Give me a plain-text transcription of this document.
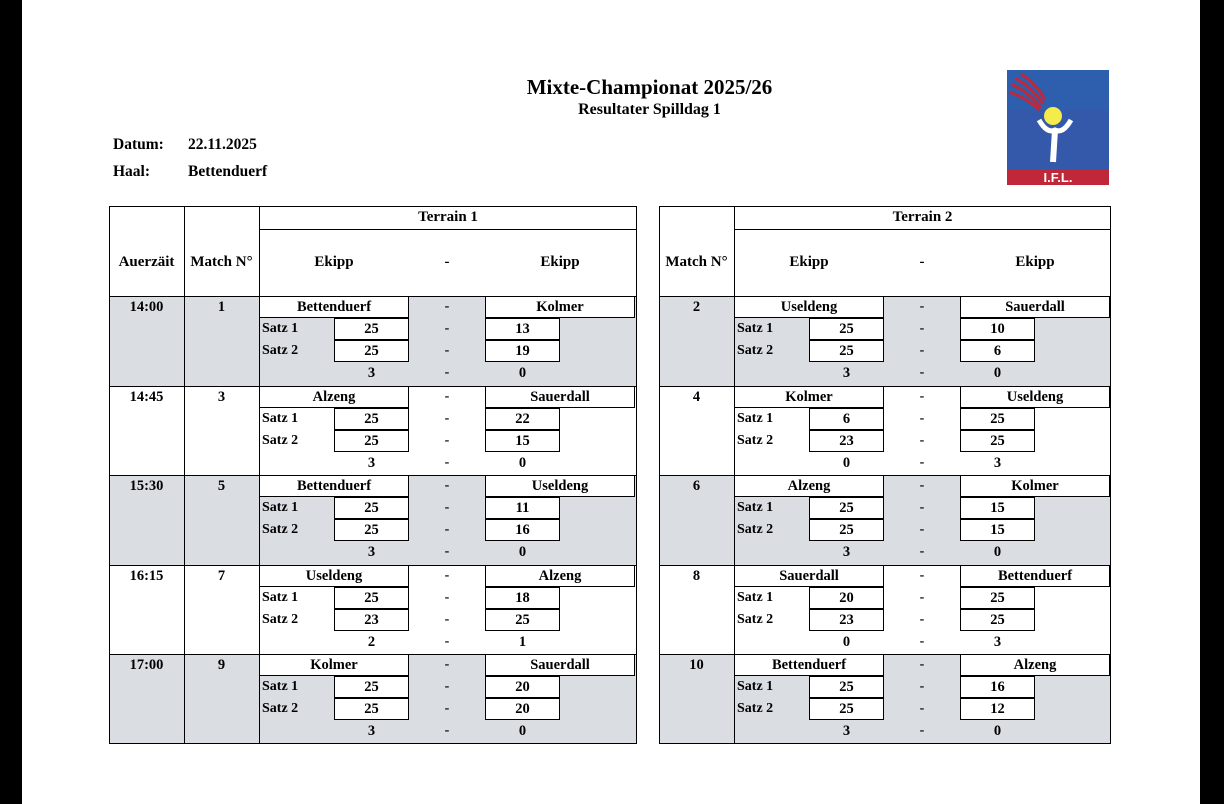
Mixte-Championat 2025/26
Resultater Spilldag 1
Datum: 22.11.2025
Haal: Bettenduerf	I.F.L.
14:00	1	Bettenduerf	-	Kolmer
Satz 1	25	-	13
Satz 2	25	-	19
3	-	0
14:45	3	Alzeng	-	Sauerdall
Satz 1	25	-	22
Satz 2	25	-	15
3	-	0
15:30	5	Bettenduerf	-	Useldeng
Satz 1	25	-	11
Satz 2	25	-	16
3	-	0
16:15	7	Useldeng	-	Alzeng
Satz 1	25	-	18
Satz 2	23	-	25
2	-	1
17:00	9	Kolmer	-	Sauerdall
Satz 1	25	-	20
Satz 2	25	-	20
3	-	0
Terrain 1
Auerzäit	Match N°	Ekipp	-	Ekipp
2	Useldeng	-	Sauerdall
Satz 1	25	-	10
Satz 2	25	-	6
3	-	0
4	Kolmer	-	Useldeng
Satz 1	6	-	25
Satz 2	23	-	25
0	-	3
6	Alzeng	-	Kolmer
Satz 1	25	-	15
Satz 2	25	-	15
3	-	0
8	Sauerdall	-	Bettenduerf
Satz 1	20	-	25
Satz 2	23	-	25
0	-	3
10	Bettenduerf	-	Alzeng
Satz 1	25	-	16
Satz 2	25	-	12
3	-	0
Terrain 2
Match N°	Ekipp	-	Ekipp
